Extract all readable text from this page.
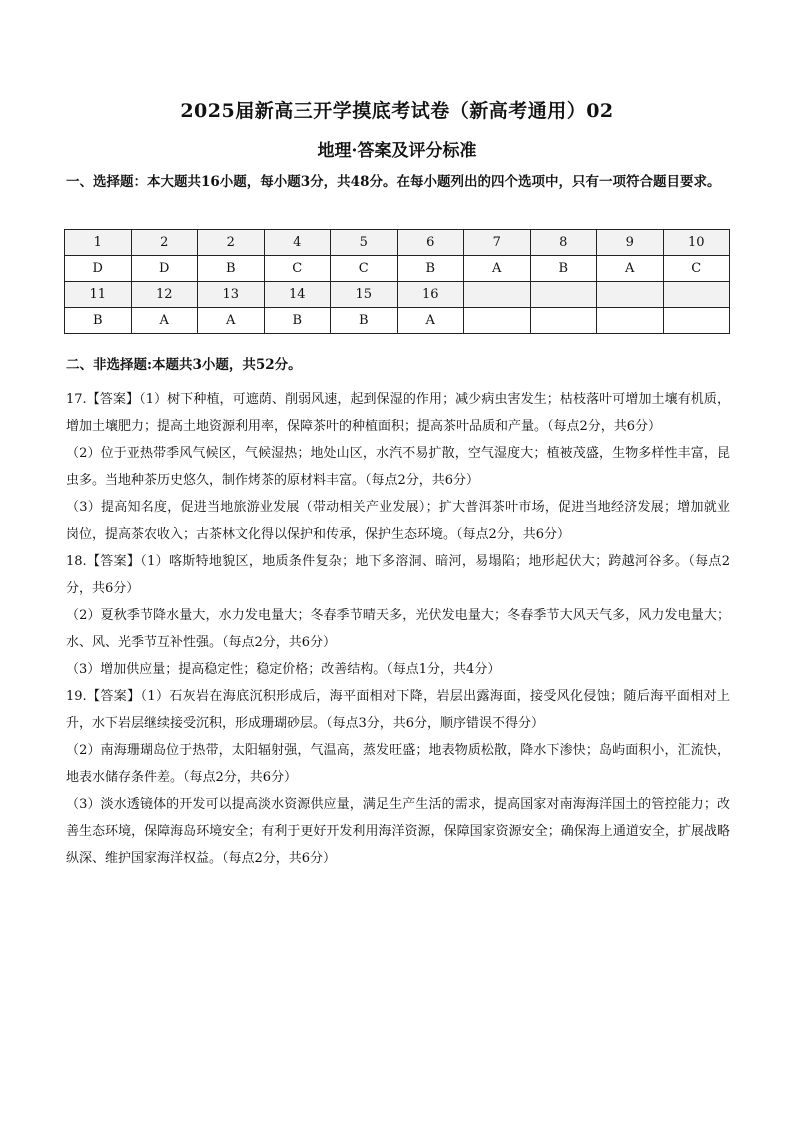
2025届新高三开学摸底考试卷（新高考通用）02
地理·答案及评分标准
一、选择题：本大题共16小题，每小题3分，共48分。在每小题列出的四个选项中，只有一项符合题目要求。
1	2	2	4	5	6	7	8	9	10
D	D	B	C	C	B	A	B	A	C
11	12	13	14	15	16				
B	A	A	B	B	A				
二、非选择题:本题共3小题，共52分。

17.【答案】（1）树下种植，可遮荫、削弱风速，起到保湿的作用；减少病虫害发生；枯枝落叶可增加土壤有机质，增加土壤肥力；提高土地资源利用率，保障茶叶的种植面积；提高茶叶品质和产量。（每点2分，共6分）

（2）位于亚热带季风气候区，气候湿热；地处山区，水汽不易扩散，空气湿度大；植被茂盛，生物多样性丰富，昆虫多。当地种茶历史悠久，制作烤茶的原材料丰富。（每点2分，共6分）

（3）提高知名度，促进当地旅游业发展（带动相关产业发展）；扩大普洱茶叶市场，促进当地经济发展；增加就业岗位，提高茶农收入；古茶林文化得以保护和传承，保护生态环境。（每点2分，共6分）

18.【答案】（1）喀斯特地貌区，地质条件复杂；地下多溶洞、暗河，易塌陷；地形起伏大；跨越河谷多。（每点2分，共6分）

（2）夏秋季节降水量大，水力发电量大；冬春季节晴天多，光伏发电量大；冬春季节大风天气多，风力发电量大；水、风、光季节互补性强。（每点2分，共6分）

（3）增加供应量；提高稳定性；稳定价格；改善结构。（每点1分，共4分）

19.【答案】（1）石灰岩在海底沉积形成后，海平面相对下降，岩层出露海面，接受风化侵蚀；随后海平面相对上升，水下岩层继续接受沉积，形成珊瑚砂层。（每点3分，共6分，顺序错误不得分）

（2）南海珊瑚岛位于热带，太阳辐射强，气温高，蒸发旺盛；地表物质松散，降水下渗快；岛屿面积小，汇流快，地表水储存条件差。（每点2分，共6分）

（3）淡水透镜体的开发可以提高淡水资源供应量，满足生产生活的需求，提高国家对南海海洋国土的管控能力；改善生态环境，保障海岛环境安全；有利于更好开发利用海洋资源，保障国家资源安全；确保海上通道安全，扩展战略纵深、维护国家海洋权益。（每点2分，共6分）
